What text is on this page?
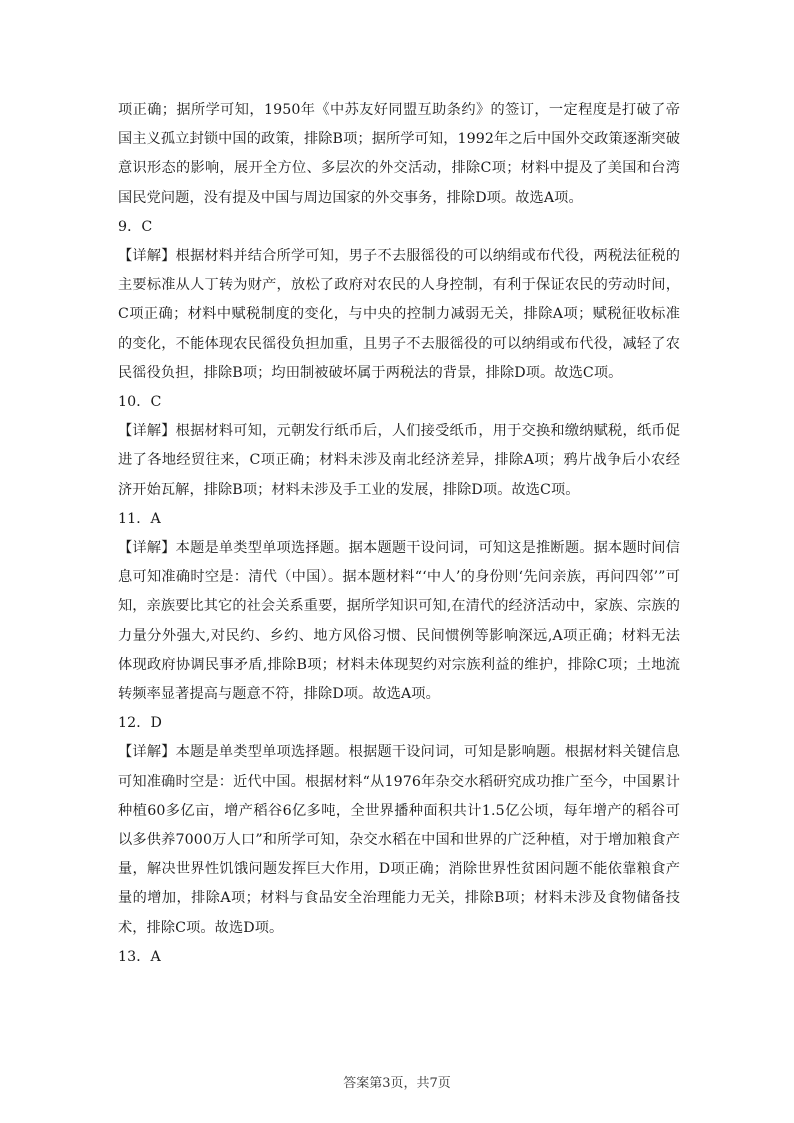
项正确；据所学可知，1950年《中苏友好同盟互助条约》的签订，一定程度是打破了帝国主义孤立封锁中国的政策，排除B项；据所学可知，1992年之后中国外交政策逐渐突破意识形态的影响，展开全方位、多层次的外交活动，排除C项；材料中提及了美国和台湾国民党问题，没有提及中国与周边国家的外交事务，排除D项。故选A项。

9．C

【详解】根据材料并结合所学可知，男子不去服徭役的可以纳绢或布代役，两税法征税的主要标准从人丁转为财产，放松了政府对农民的人身控制，有利于保证农民的劳动时间，C项正确；材料中赋税制度的变化，与中央的控制力减弱无关，排除A项；赋税征收标准的变化，不能体现农民徭役负担加重，且男子不去服徭役的可以纳绢或布代役，减轻了农民徭役负担，排除B项；均田制被破坏属于两税法的背景，排除D项。故选C项。

10．C

【详解】根据材料可知，元朝发行纸币后，人们接受纸币，用于交换和缴纳赋税，纸币促进了各地经贸往来，C项正确；材料未涉及南北经济差异，排除A项；鸦片战争后小农经济开始瓦解，排除B项；材料未涉及手工业的发展，排除D项。故选C项。

11．A

【详解】本题是单类型单项选择题。据本题题干设问词，可知这是推断题。据本题时间信息可知准确时空是：清代（中国）。据本题材料“‘中人’的身份则‘先问亲族，再问四邻’”可知，亲族要比其它的社会关系重要，据所学知识可知,在清代的经济活动中，家族、宗族的力量分外强大,对民约、乡约、地方风俗习惯、民间惯例等影响深远,A项正确；材料无法体现政府协调民事矛盾,排除B项；材料未体现契约对宗族利益的维护，排除C项；土地流转频率显著提高与题意不符，排除D项。故选A项。

12．D

【详解】本题是单类型单项选择题。根据题干设问词，可知是影响题。根据材料关键信息可知准确时空是：近代中国。根据材料“从1976年杂交水稻研究成功推广至今，中国累计种植60多亿亩，增产稻谷6亿多吨，全世界播种面积共计1.5亿公顷，每年增产的稻谷可以多供养7000万人口”和所学可知，杂交水稻在中国和世界的广泛种植，对于增加粮食产量，解决世界性饥饿问题发挥巨大作用，D项正确；消除世界性贫困问题不能依靠粮食产量的增加，排除A项；材料与食品安全治理能力无关，排除B项；材料未涉及食物储备技术，排除C项。故选D项。

13．A

答案第3页，共7页
